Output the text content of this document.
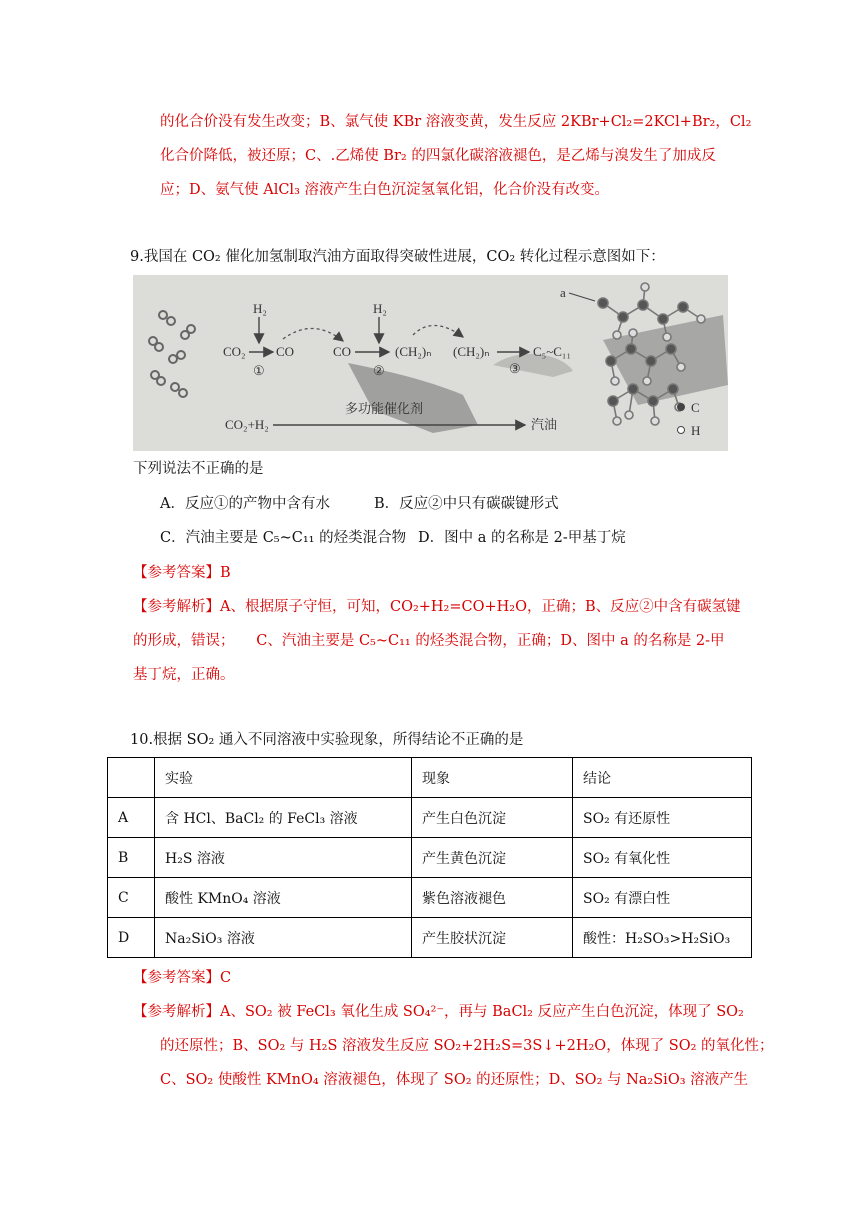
的化合价没有发生改变；B、氯气使 KBr 溶液变黄，发生反应 2KBr+Cl₂=2KCl+Br₂，Cl₂
化合价降低，被还原；C、.乙烯使 Br₂ 的四氯化碳溶液褪色，是乙烯与溴发生了加成反
应；D、氨气使 AlCl₃ 溶液产生白色沉淀氢氧化铝，化合价没有改变。
9.我国在 CO₂ 催化加氢制取汽油方面取得突破性进展，CO₂ 转化过程示意图如下：
H₂	H₂
CO₂ CO
①
CO
②
(CH₂)ₙ (CH₂)ₙ
③
C₅~C₁₁
a
CO₂+H₂
多功能催化剂
汽油
C
H
下列说法不正确的是
A．反应①的产物中含有水	B．反应②中只有碳碳键形式
C．汽油主要是 C₅~C₁₁ 的烃类混合物 D．图中 a 的名称是 2-甲基丁烷
【参考答案】B
【参考解析】A、根据原子守恒，可知，CO₂+H₂=CO+H₂O，正确；B、反应②中含有碳氢键
的形成，错误；　　C、汽油主要是 C₅~C₁₁ 的烃类混合物，正确；D、图中 a 的名称是 2-甲
基丁烷，正确。
10.根据 SO₂ 通入不同溶液中实验现象，所得结论不正确的是
	实验	现象	结论
A	含 HCl、BaCl₂ 的 FeCl₃ 溶液	产生白色沉淀	SO₂ 有还原性
B	H₂S 溶液	产生黄色沉淀	SO₂ 有氧化性
C	酸性 KMnO₄ 溶液	紫色溶液褪色	SO₂ 有漂白性
D	Na₂SiO₃ 溶液	产生胶状沉淀	酸性：H₂SO₃>H₂SiO₃
【参考答案】C
【参考解析】A、SO₂ 被 FeCl₃ 氧化生成 SO₄²⁻，再与 BaCl₂ 反应产生白色沉淀，体现了 SO₂
的还原性；B、SO₂ 与 H₂S 溶液发生反应 SO₂+2H₂S=3S↓+2H₂O，体现了 SO₂ 的氧化性；
C、SO₂ 使酸性 KMnO₄ 溶液褪色，体现了 SO₂ 的还原性；D、SO₂ 与 Na₂SiO₃ 溶液产生
